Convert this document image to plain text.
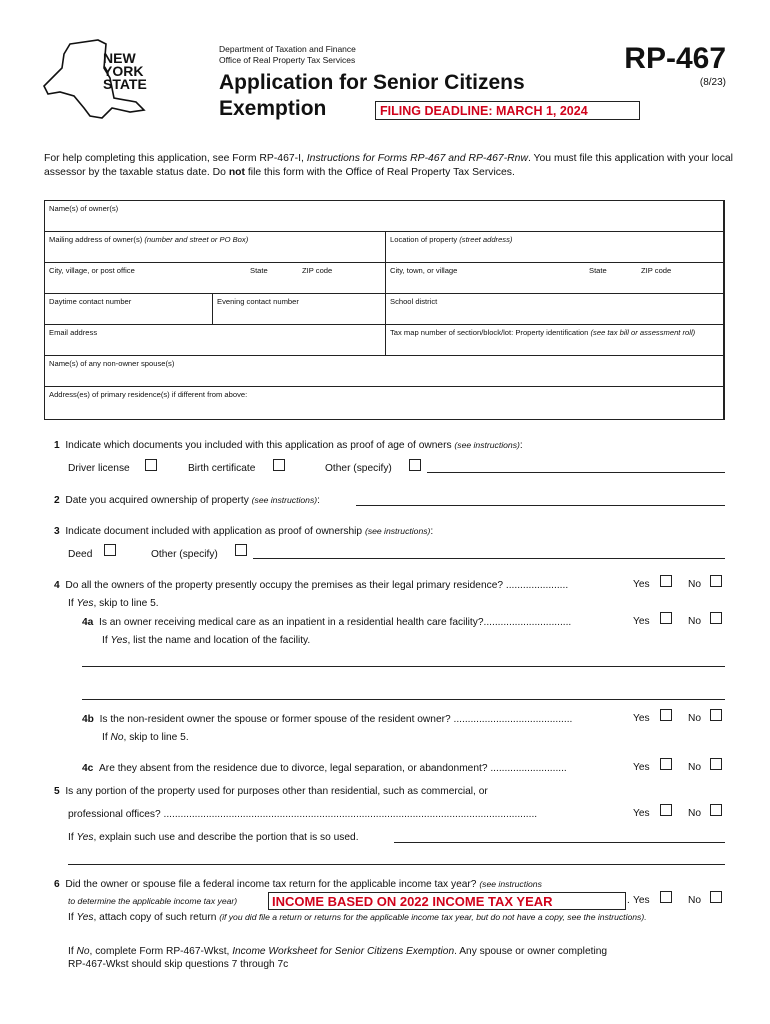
NEW
YORK
STATE
Department of Taxation and Finance
Office of Real Property Tax Services
Application for Senior Citizens
Exemption
RP-467
(8/23)
FILING DEADLINE: MARCH 1, 2024
For help completing this application, see Form RP-467-I, Instructions for Forms RP-467 and RP-467-Rnw. You must file this application with your local assessor by the taxable status date. Do not file this form with the Office of Real Property Tax Services.
Name(s) of owner(s)
Mailing address of owner(s) (number and street or PO Box)	Location of property (street address)
City, village, or post office	State	ZIP code	City, town, or village	State	ZIP code
Daytime contact number	Evening contact number	School district
Email address	Tax map number of section/block/lot: Property identification (see tax bill or assessment roll)
Name(s) of any non-owner spouse(s)
Address(es) of primary residence(s) if different from above:
1 Indicate which documents you included with this application as proof of age of owners (see instructions):
Driver license	Birth certificate	Other (specify)
2 Date you acquired ownership of property (see instructions):
3 Indicate document included with application as proof of ownership (see instructions):
Deed	Other (specify)
4 Do all the owners of the property presently occupy the premises as their legal primary residence? ......................	Yes	No
If Yes, skip to line 5.
4a Is an owner receiving medical care as an inpatient in a residential health care facility?...............................	Yes	No
If Yes, list the name and location of the facility.
4b Is the non-resident owner the spouse or former spouse of the resident owner? ..........................................	Yes	No
If No, skip to line 5.
4c Are they absent from the residence due to divorce, legal separation, or abandonment? ...........................	Yes	No
5 Is any portion of the property used for purposes other than residential, such as commercial, or
professional offices? ....................................................................................................................................	Yes	No
If Yes, explain such use and describe the portion that is so used.
6 Did the owner or spouse file a federal income tax return for the applicable income tax year? (see instructions
to determine the applicable income tax year)	INCOME BASED ON 2022 INCOME TAX YEAR	. Yes	No
If Yes, attach copy of such return (if you did file a return or returns for the applicable income tax year, but do not have a copy, see the instructions).
If No, complete Form RP-467-Wkst, Income Worksheet for Senior Citizens Exemption. Any spouse or owner completing
RP-467-Wkst should skip questions 7 through 7c
